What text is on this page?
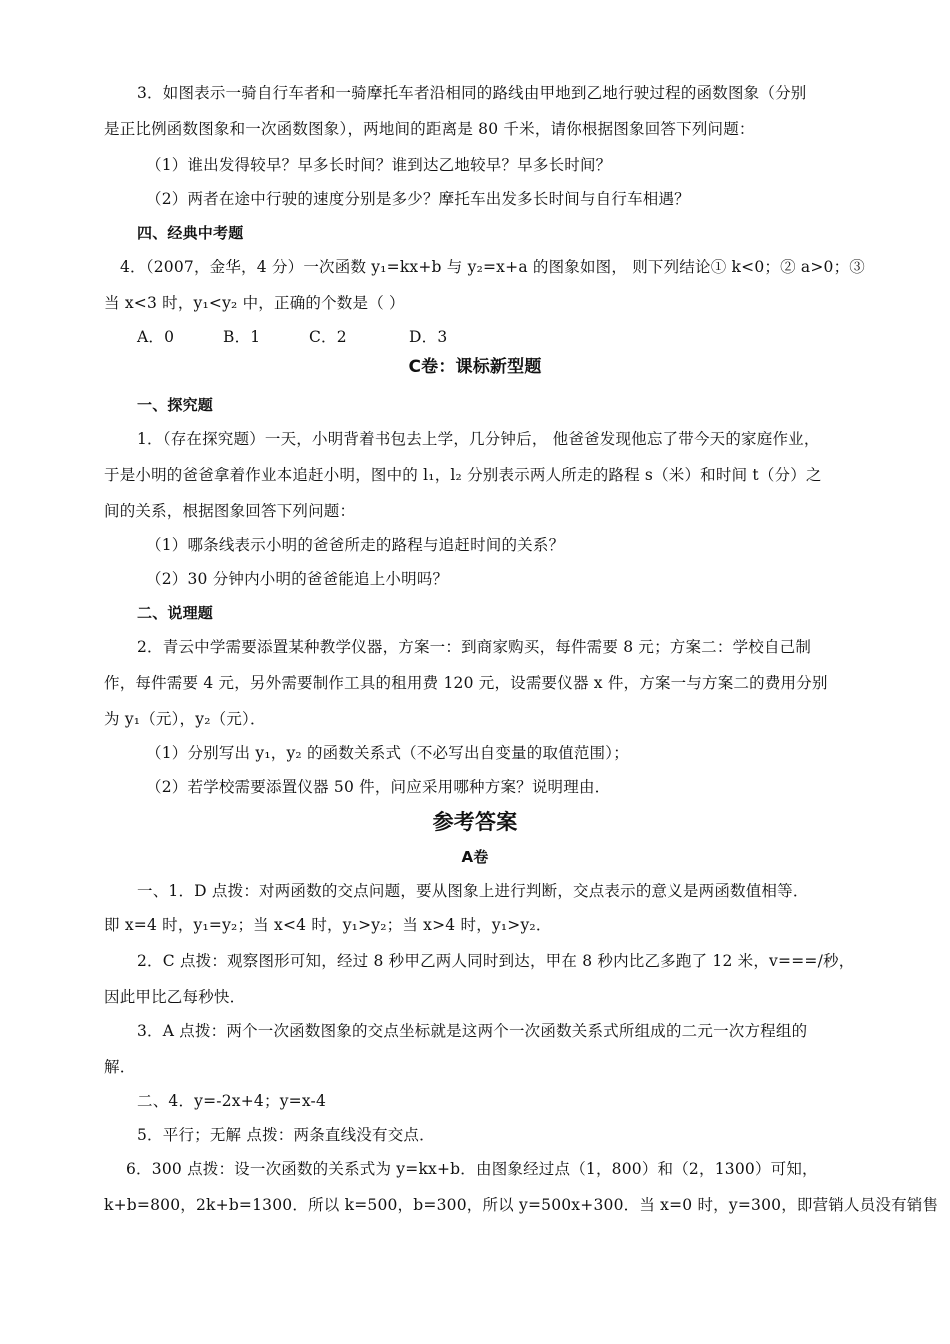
3．如图表示一骑自行车者和一骑摩托车者沿相同的路线由甲地到乙地行驶过程的函数图象（分别
是正比例函数图象和一次函数图象），两地间的距离是 80 千米，请你根据图象回答下列问题：
（1）谁出发得较早？早多长时间？谁到达乙地较早？早多长时间？
（2）两者在途中行驶的速度分别是多少？摩托车出发多长时间与自行车相遇？
四、经典中考题
4．（2007，金华，4 分）一次函数 y₁=kx+b 与 y₂=x+a 的图象如图， 则下列结论① k<0；② a>0；③
当 x<3 时，y₁<y₂ 中，正确的个数是（ ）
A．0	B．1	C．2	D．3
C卷：课标新型题
一、探究题
1．（存在探究题）一天，小明背着书包去上学，几分钟后， 他爸爸发现他忘了带今天的家庭作业，
于是小明的爸爸拿着作业本追赶小明，图中的 l₁，l₂ 分别表示两人所走的路程 s（米）和时间 t（分）之
间的关系，根据图象回答下列问题：
（1）哪条线表示小明的爸爸所走的路程与追赶时间的关系？
（2）30 分钟内小明的爸爸能追上小明吗？
二、说理题
2．青云中学需要添置某种教学仪器，方案一：到商家购买，每件需要 8 元；方案二：学校自己制
作，每件需要 4 元，另外需要制作工具的租用费 120 元，设需要仪器 x 件，方案一与方案二的费用分别
为 y₁（元），y₂（元）．
（1）分别写出 y₁，y₂ 的函数关系式（不必写出自变量的取值范围）；
（2）若学校需要添置仪器 50 件，问应采用哪种方案？说明理由．
参考答案
A卷
一、1．D 点拨：对两函数的交点问题，要从图象上进行判断，交点表示的意义是两函数值相等．
即 x=4 时，y₁=y₂；当 x<4 时，y₁>y₂；当 x>4 时，y₁>y₂．
2．C 点拨：观察图形可知，经过 8 秒甲乙两人同时到达，甲在 8 秒内比乙多跑了 12 米，v===/秒，
因此甲比乙每秒快．
3．A 点拨：两个一次函数图象的交点坐标就是这两个一次函数关系式所组成的二元一次方程组的
解．
二、4．y=-2x+4；y=x-4
5．平行；无解 点拨：两条直线没有交点．
6．300 点拨：设一次函数的关系式为 y=kx+b．由图象经过点（1，800）和（2，1300）可知，
k+b=800，2k+b=1300．所以 k=500，b=300，所以 y=500x+300．当 x=0 时，y=300，即营销人员没有销售
